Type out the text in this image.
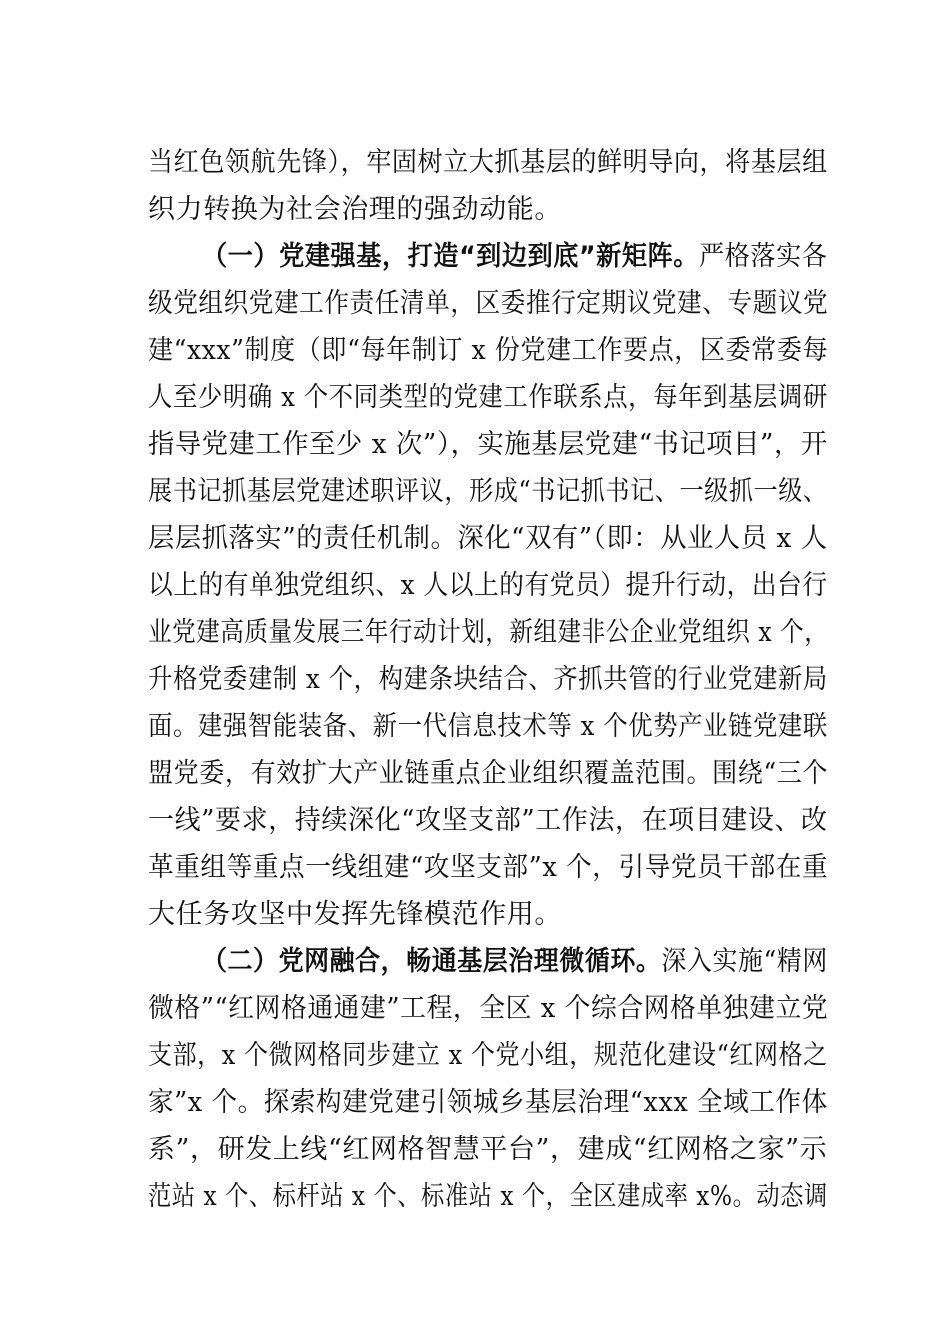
当红色领航先锋），牢固树立大抓基层的鲜明导向，将基层组
织力转换为社会治理的强劲动能。
（一）党建强基，打造“到边到底”新矩阵。严格落实各
级党组织党建工作责任清单，区委推行定期议党建、专题议党
建“xxx”制度（即“每年制订 x 份党建工作要点，区委常委每
人至少明确 x 个不同类型的党建工作联系点，每年到基层调研
指导党建工作至少 x 次”），实施基层党建“书记项目”，开
展书记抓基层党建述职评议，形成“书记抓书记、一级抓一级、
层层抓落实”的责任机制。深化“双有”（即：从业人员 x 人
以上的有单独党组织、x 人以上的有党员）提升行动，出台行
业党建高质量发展三年行动计划，新组建非公企业党组织 x 个，
升格党委建制 x 个，构建条块结合、齐抓共管的行业党建新局
面。建强智能装备、新一代信息技术等 x 个优势产业链党建联
盟党委，有效扩大产业链重点企业组织覆盖范围。围绕“三个
一线”要求，持续深化“攻坚支部”工作法，在项目建设、改
革重组等重点一线组建“攻坚支部”x 个，引导党员干部在重
大任务攻坚中发挥先锋模范作用。
（二）党网融合，畅通基层治理微循环。深入实施“精网
微格”“红网格通通建”工程，全区 x 个综合网格单独建立党
支部，x 个微网格同步建立 x 个党小组，规范化建设“红网格之
家”x 个。探索构建党建引领城乡基层治理“xxx 全域工作体
系”，研发上线“红网格智慧平台”，建成“红网格之家”示
范站 x 个、标杆站 x 个、标准站 x 个，全区建成率 x%。动态调
